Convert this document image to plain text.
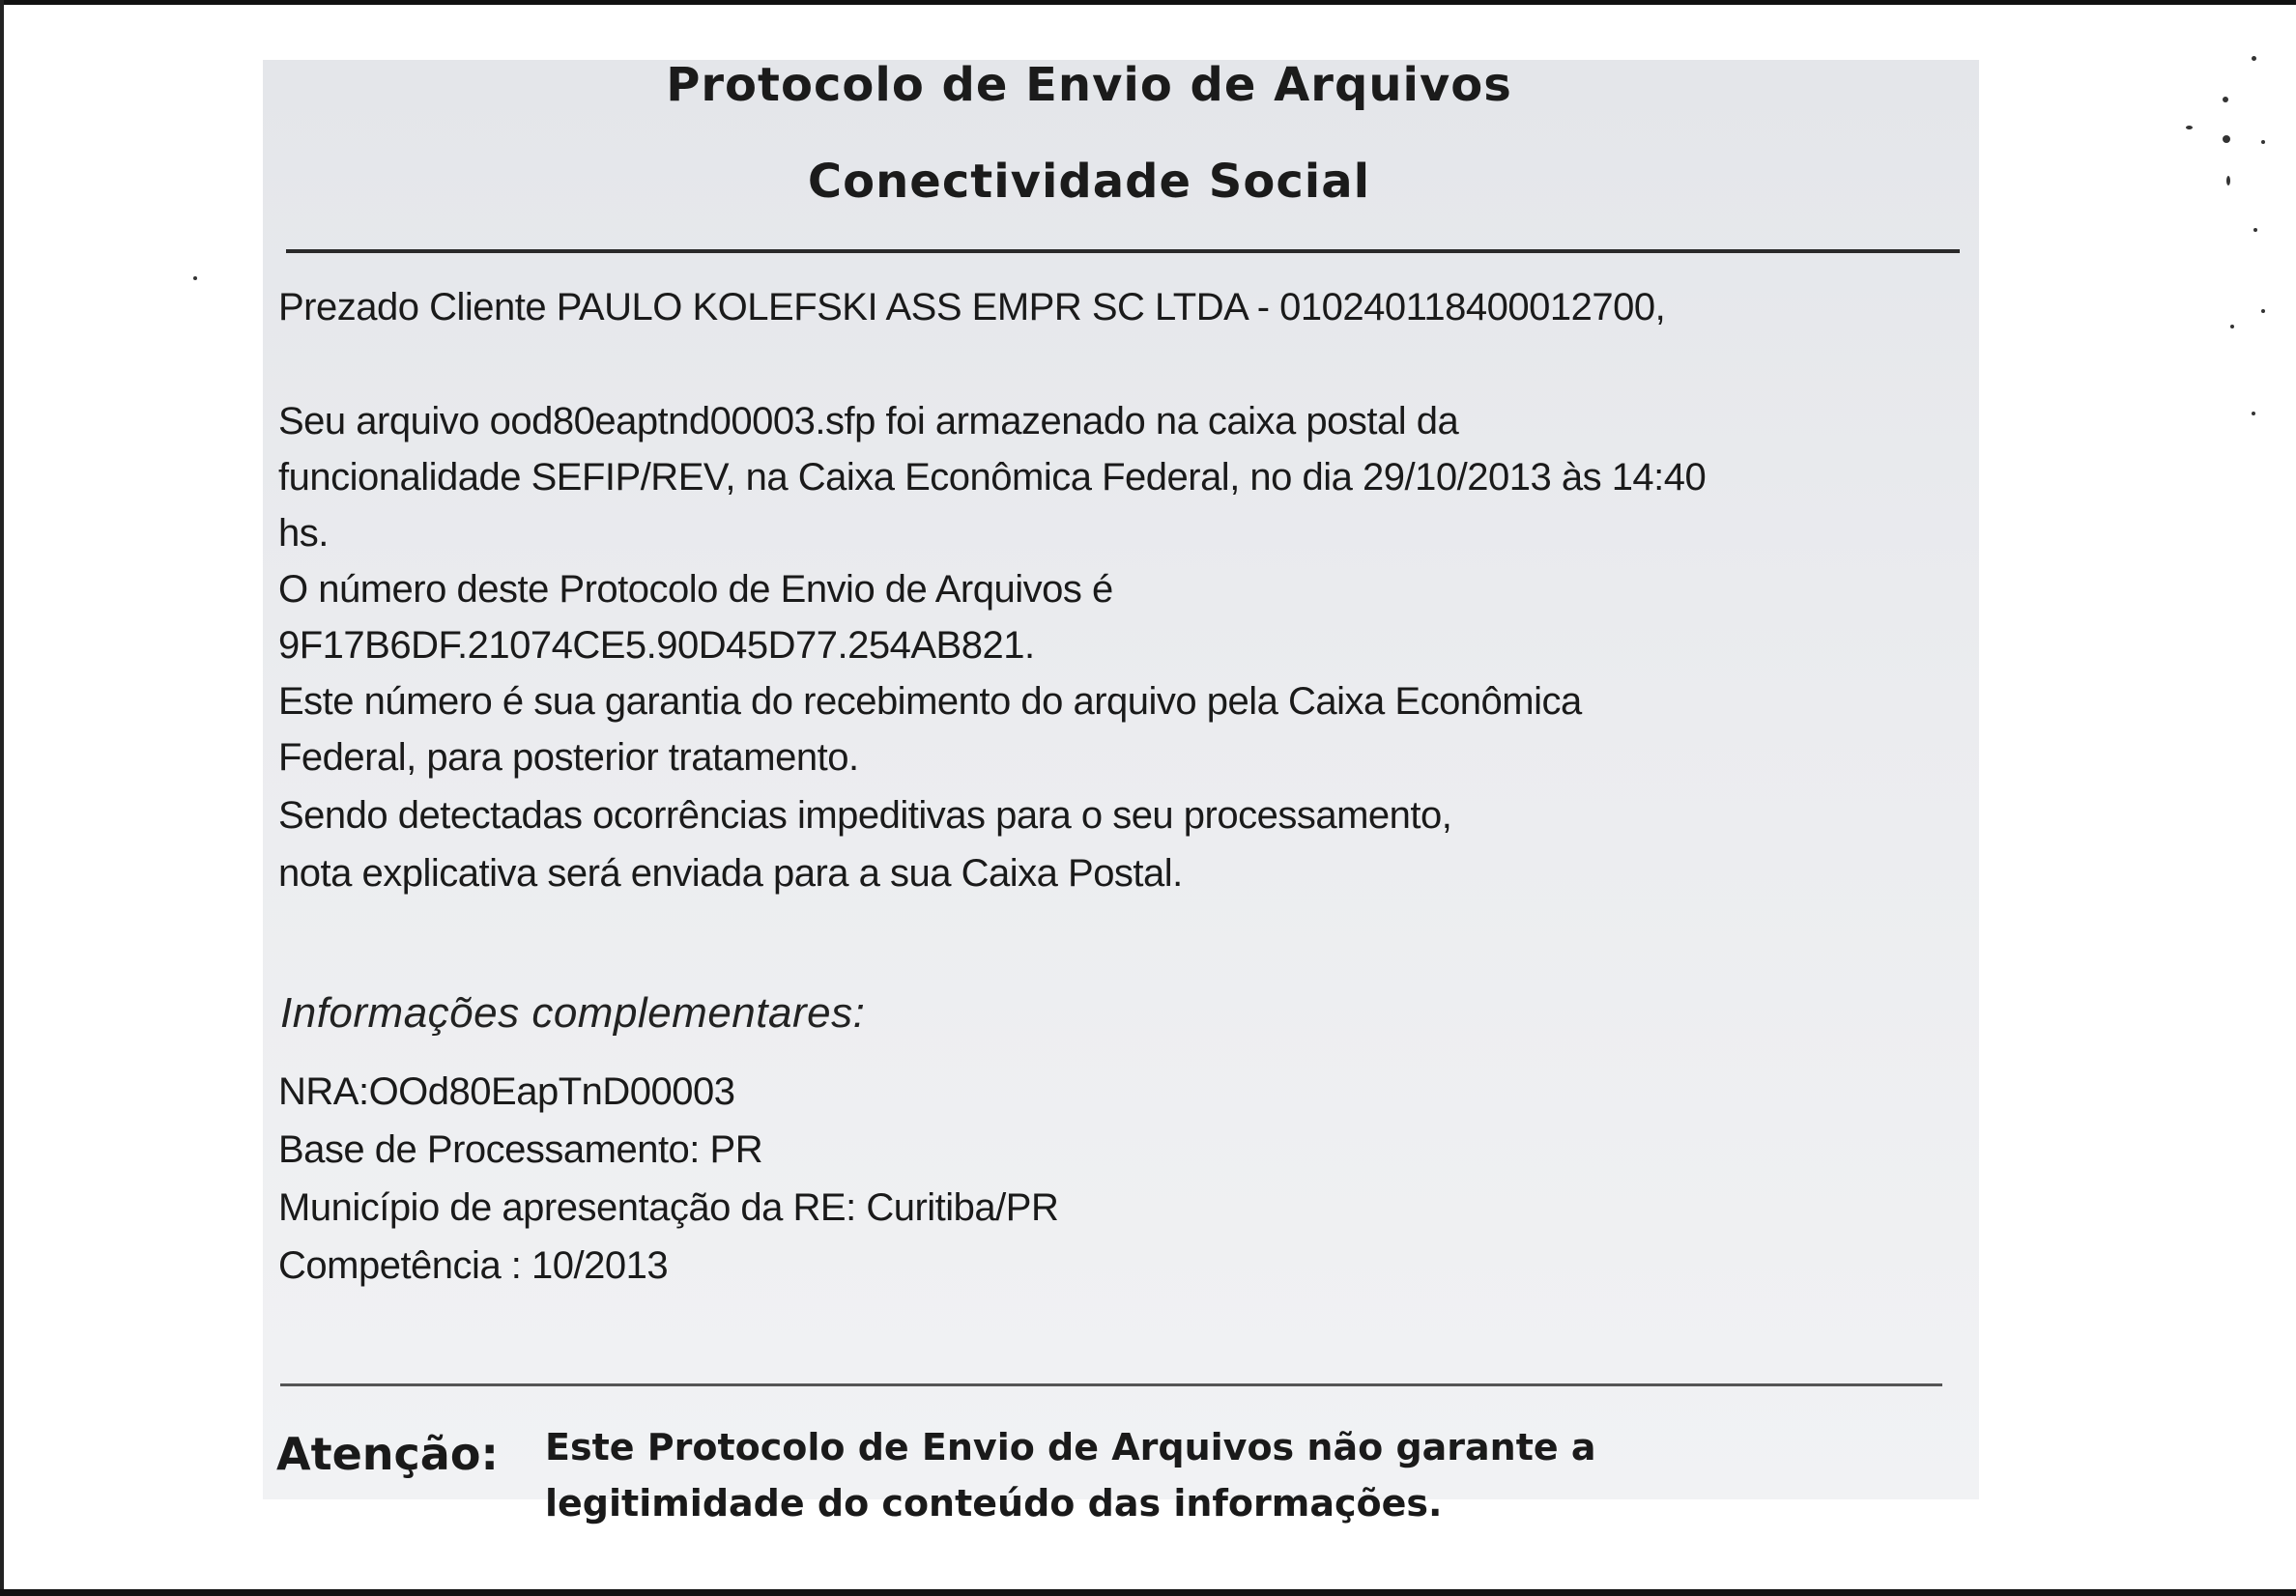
Protocolo de Envio de Arquivos
Conectividade Social
Prezado Cliente PAULO KOLEFSKI ASS EMPR SC LTDA - 010240118400012700,
Seu arquivo ood80eaptnd00003.sfp foi armazenado na caixa postal da
funcionalidade SEFIP/REV, na Caixa Econômica Federal, no dia 29/10/2013 às 14:40
hs.
O número deste Protocolo de Envio de Arquivos é
9F17B6DF.21074CE5.90D45D77.254AB821.
Este número é sua garantia do recebimento do arquivo pela Caixa Econômica
Federal, para posterior tratamento.
Sendo detectadas ocorrências impeditivas para o seu processamento,
nota explicativa será enviada para a sua Caixa Postal.
Informações complementares:
NRA:OOd80EapTnD00003
Base de Processamento: PR
Município de apresentação da RE: Curitiba/PR
Competência : 10/2013
Atenção: Este Protocolo de Envio de Arquivos não garante a
legitimidade do conteúdo das informações.
